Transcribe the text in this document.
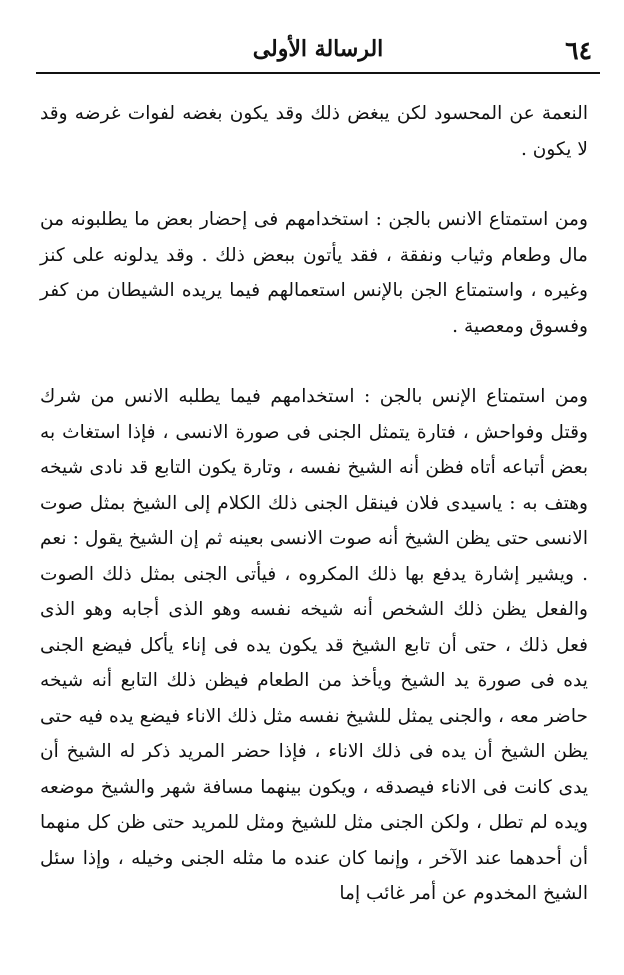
٦٤
الرسالة الأولى

النعمة عن المحسود لكن يبغض ذلك وقد يكون بغضه لفوات غرضه وقد لا يكون .

ومن استمتاع الانس بالجن : استخدامهم فى إحضار بعض ما يطلبونه من مال وطعام وثياب ونفقة ، فقد يأتون ببعض ذلك . وقد يدلونه على كنز وغيره ، واستمتاع الجن بالإنس استعمالهم فيما يريده الشيطان من كفر وفسوق ومعصية .

ومن استمتاع الإنس بالجن : استخدامهم فيما يطلبه الانس من شرك وقتل وفواحش ، فتارة يتمثل الجنى فى صورة الانسى ، فإذا استغاث به بعض أتباعه أتاه فظن أنه الشيخ نفسه ، وتارة يكون التابع قد نادى شيخه وهتف به : ياسيدى فلان فينقل الجنى ذلك الكلام إلى الشيخ بمثل صوت الانسى حتى يظن الشيخ أنه صوت الانسى بعينه ثم إن الشيخ يقول : نعم . ويشير إشارة يدفع بها ذلك المكروه ، فيأتى الجنى بمثل ذلك الصوت والفعل يظن ذلك الشخص أنه شيخه نفسه وهو الذى أجابه وهو الذى فعل ذلك ، حتى أن تابع الشيخ قد يكون يده فى إناء يأكل فيضع الجنى يده فى صورة يد الشيخ ويأخذ من الطعام فيظن ذلك التابع أنه شيخه حاضر معه ، والجنى يمثل للشيخ نفسه مثل ذلك الاناء فيضع يده فيه حتى يظن الشيخ أن يده فى ذلك الاناء ، فإذا حضر المريد ذكر له الشيخ أن يدى كانت فى الاناء فيصدقه ، ويكون بينهما مسافة شهر والشيخ موضعه ويده لم تطل ، ولكن الجنى مثل للشيخ ومثل للمريد حتى ظن كل منهما أن أحدهما عند الآخر ، وإنما كان عنده ما مثله الجنى وخيله ، وإذا سئل الشيخ المخدوم عن أمر غائب إما
